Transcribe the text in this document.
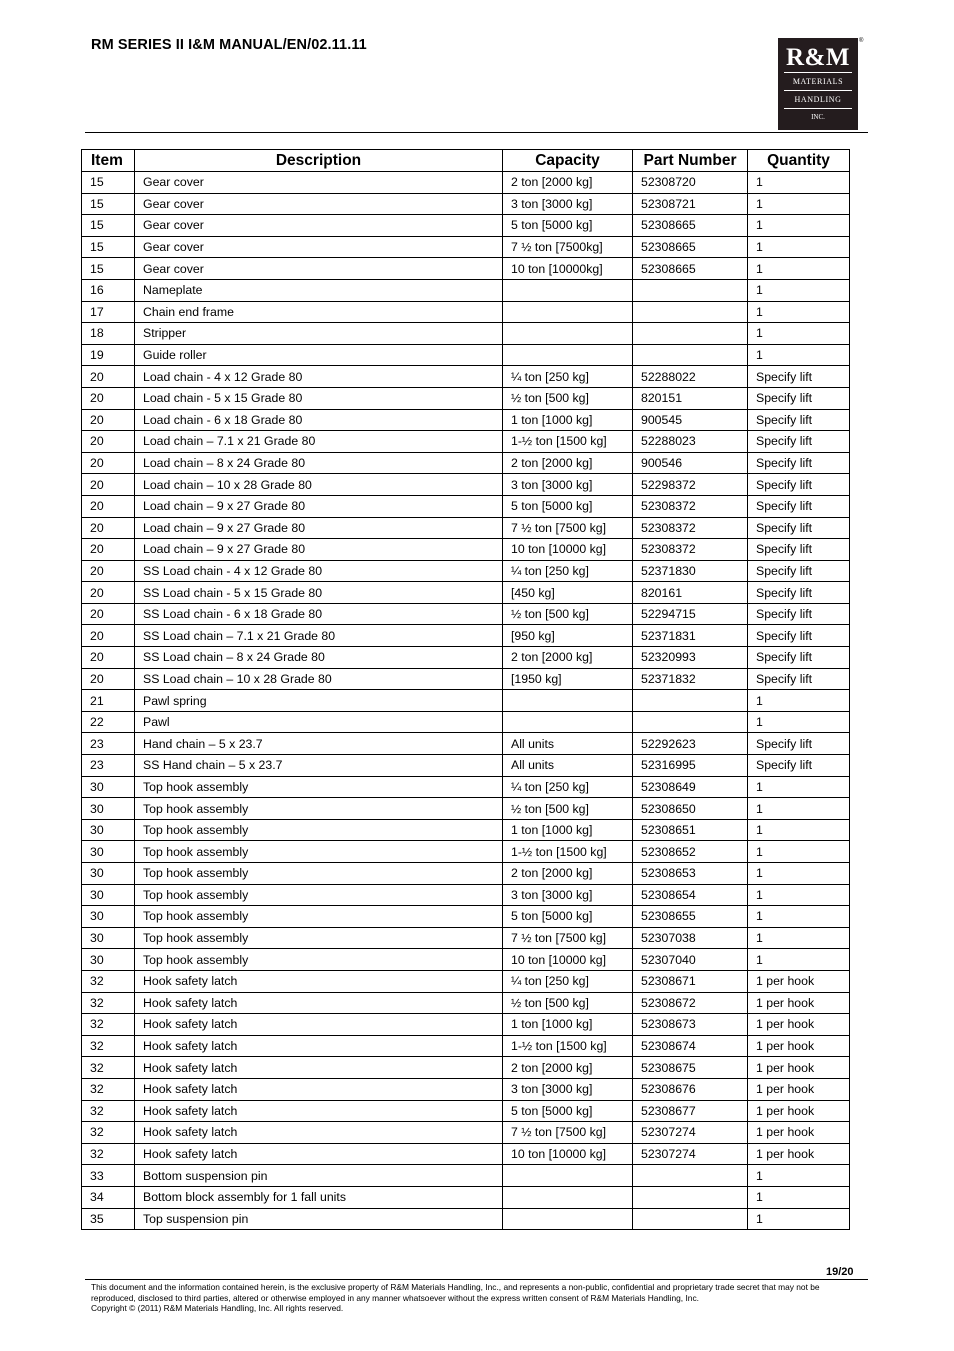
RM SERIES II I&M MANUAL/EN/02.11.11	R&M
MATERIALS
HANDLING
INC.
®
Item	Description	Capacity	Part Number	Quantity
15	Gear cover	2 ton [2000 kg]	52308720	1
15	Gear cover	3 ton [3000 kg]	52308721	1
15	Gear cover	5 ton [5000 kg]	52308665	1
15	Gear cover	7 ½ ton [7500kg]	52308665	1
15	Gear cover	10 ton [10000kg]	52308665	1
16	Nameplate			1
17	Chain end frame			1
18	Stripper			1
19	Guide roller			1
20	Load chain - 4 x 12 Grade 80	¼ ton [250 kg]	52288022	Specify lift
20	Load chain - 5 x 15 Grade 80	½ ton [500 kg]	820151	Specify lift
20	Load chain - 6 x 18 Grade 80	1 ton [1000 kg]	900545	Specify lift
20	Load chain – 7.1 x 21 Grade 80	1-½ ton [1500 kg]	52288023	Specify lift
20	Load chain – 8 x 24 Grade 80	2 ton [2000 kg]	900546	Specify lift
20	Load chain – 10 x 28 Grade 80	3 ton [3000 kg]	52298372	Specify lift
20	Load chain – 9 x 27 Grade 80	5 ton [5000 kg]	52308372	Specify lift
20	Load chain – 9 x 27 Grade 80	7 ½ ton [7500 kg]	52308372	Specify lift
20	Load chain – 9 x 27 Grade 80	10 ton [10000 kg]	52308372	Specify lift
20	SS Load chain - 4 x 12 Grade 80	¼ ton [250 kg]	52371830	Specify lift
20	SS Load chain - 5 x 15 Grade 80	[450 kg]	820161	Specify lift
20	SS Load chain - 6 x 18 Grade 80	½ ton [500 kg]	52294715	Specify lift
20	SS Load chain – 7.1 x 21 Grade 80	[950 kg]	52371831	Specify lift
20	SS Load chain – 8 x 24 Grade 80	2 ton [2000 kg]	52320993	Specify lift
20	SS Load chain – 10 x 28 Grade 80	[1950 kg]	52371832	Specify lift
21	Pawl spring			1
22	Pawl			1
23	Hand chain – 5 x 23.7	All units	52292623	Specify lift
23	SS Hand chain – 5 x 23.7	All units	52316995	Specify lift
30	Top hook assembly	¼ ton [250 kg]	52308649	1
30	Top hook assembly	½ ton [500 kg]	52308650	1
30	Top hook assembly	1 ton [1000 kg]	52308651	1
30	Top hook assembly	1-½ ton [1500 kg]	52308652	1
30	Top hook assembly	2 ton [2000 kg]	52308653	1
30	Top hook assembly	3 ton [3000 kg]	52308654	1
30	Top hook assembly	5 ton [5000 kg]	52308655	1
30	Top hook assembly	7 ½ ton [7500 kg]	52307038	1
30	Top hook assembly	10 ton [10000 kg]	52307040	1
32	Hook safety latch	¼ ton [250 kg]	52308671	1 per hook
32	Hook safety latch	½ ton [500 kg]	52308672	1 per hook
32	Hook safety latch	1 ton [1000 kg]	52308673	1 per hook
32	Hook safety latch	1-½ ton [1500 kg]	52308674	1 per hook
32	Hook safety latch	2 ton [2000 kg]	52308675	1 per hook
32	Hook safety latch	3 ton [3000 kg]	52308676	1 per hook
32	Hook safety latch	5 ton [5000 kg]	52308677	1 per hook
32	Hook safety latch	7 ½ ton [7500 kg]	52307274	1 per hook
32	Hook safety latch	10 ton [10000 kg]	52307274	1 per hook
33	Bottom suspension pin			1
34	Bottom block assembly for 1 fall units			1
35	Top suspension pin			1
19/20
This document and the information contained herein, is the exclusive property of R&M Materials Handling, Inc., and represents a non-public, confidential and proprietary trade secret that may not be reproduced, disclosed to third parties, altered or otherwise employed in any manner whatsoever without the express written consent of R&M Materials Handling, Inc.
Copyright © (2011) R&M Materials Handling, Inc. All rights reserved.
